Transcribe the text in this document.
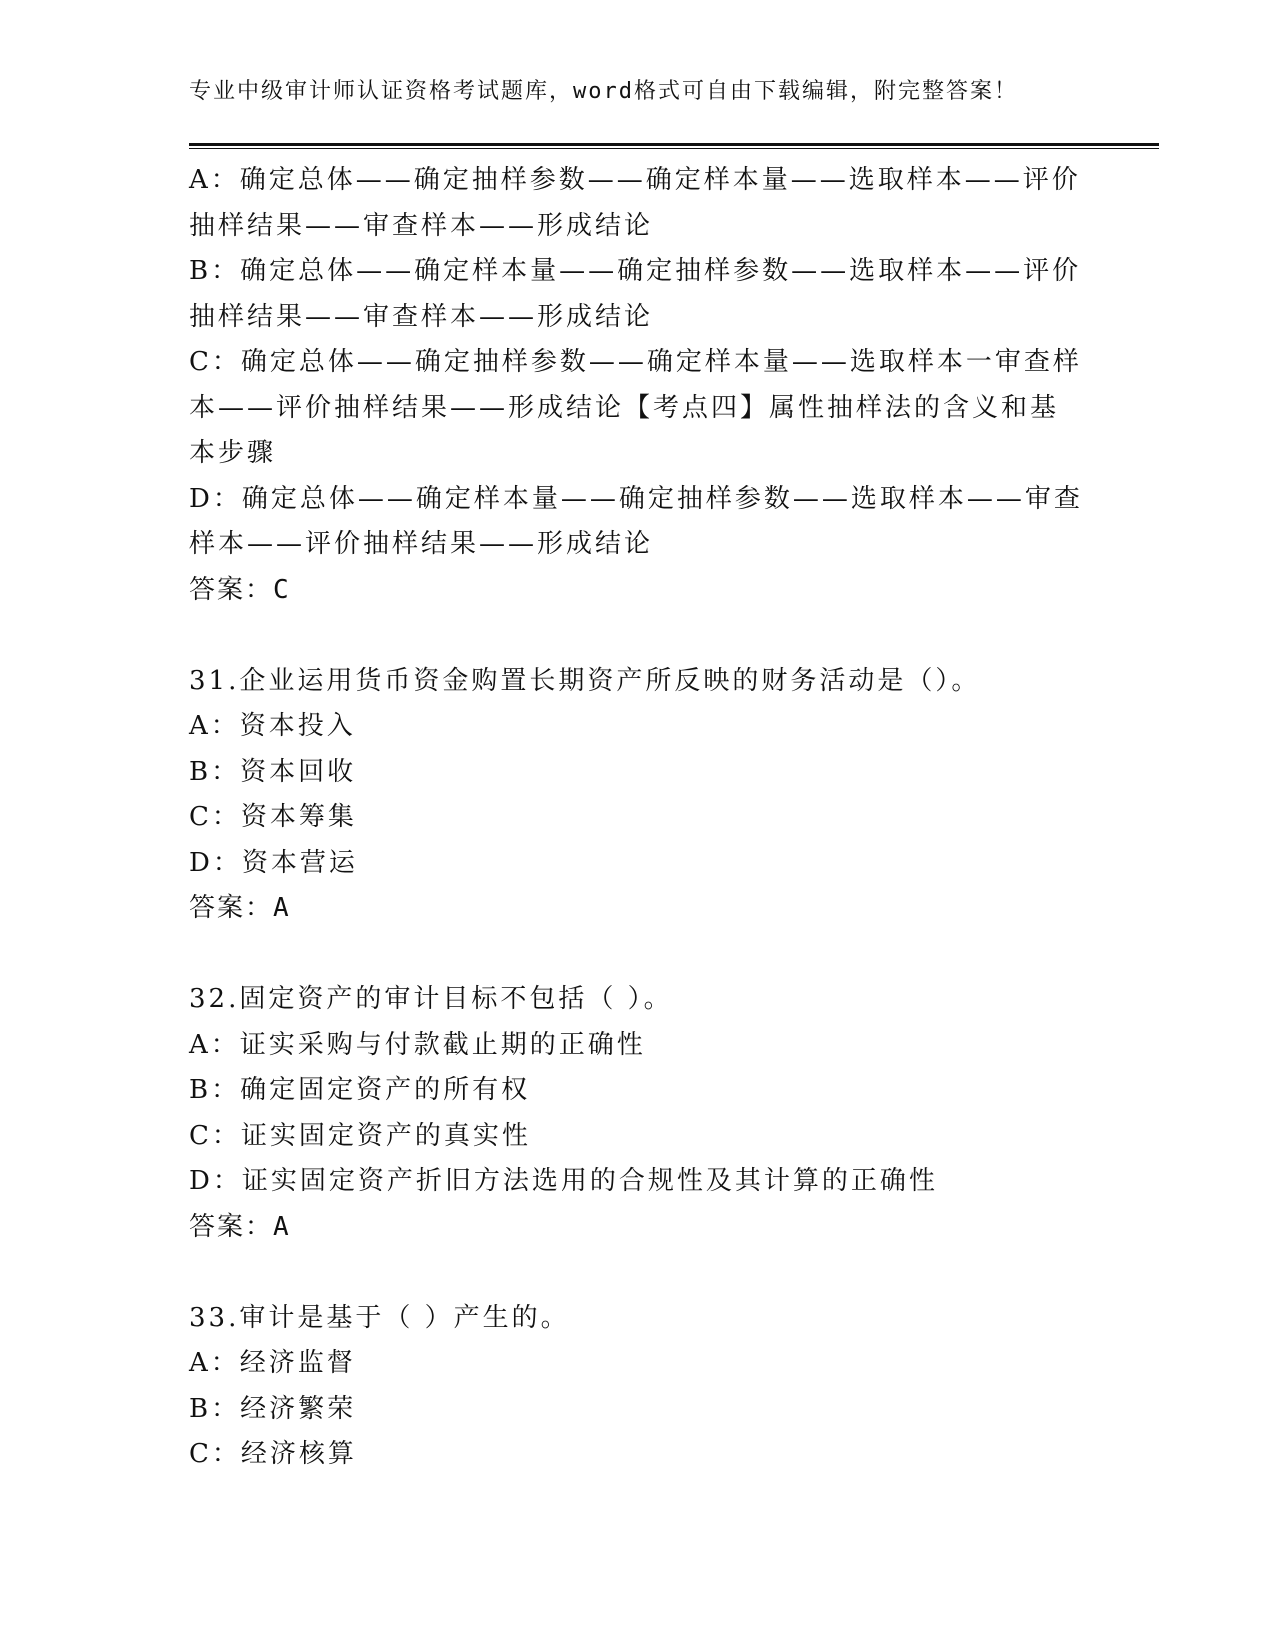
专业中级审计师认证资格考试题库，word格式可自由下载编辑，附完整答案！
A：确定总体——确定抽样参数——确定样本量——选取样本——评价
抽样结果——审查样本——形成结论
B：确定总体——确定样本量——确定抽样参数——选取样本——评价
抽样结果——审查样本——形成结论
C：确定总体——确定抽样参数——确定样本量——选取样本一审查样
本——评价抽样结果——形成结论【考点四】属性抽样法的含义和基
本步骤
D：确定总体——确定样本量——确定抽样参数——选取样本——审查
样本——评价抽样结果——形成结论
答案：C
31.企业运用货币资金购置长期资产所反映的财务活动是（）。
A：资本投入
B：资本回收
C：资本筹集
D：资本营运
答案：A
32.固定资产的审计目标不包括（ ）。
A：证实采购与付款截止期的正确性
B：确定固定资产的所有权
C：证实固定资产的真实性
D：证实固定资产折旧方法选用的合规性及其计算的正确性
答案：A
33.审计是基于（ ）产生的。
A：经济监督
B：经济繁荣
C：经济核算
